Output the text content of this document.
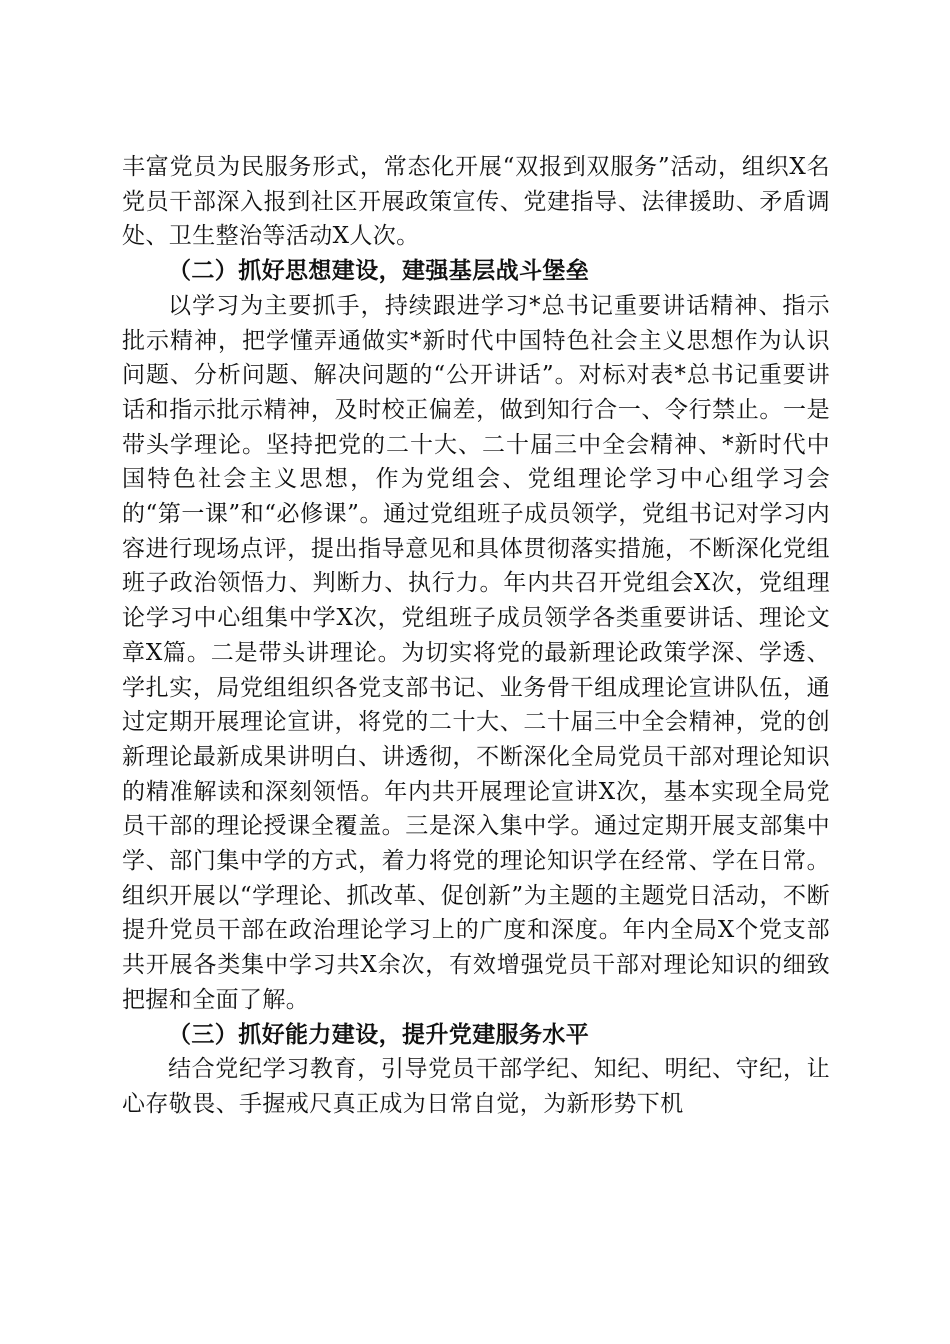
丰富党员为民服务形式，常态化开展“双报到双服务”活动，组织X名党员干部深入报到社区开展政策宣传、党建指导、法律援助、矛盾调处、卫生整治等活动X人次。

（二）抓好思想建设，建强基层战斗堡垒

以学习为主要抓手，持续跟进学习*总书记重要讲话精神、指示批示精神，把学懂弄通做实*新时代中国特色社会主义思想作为认识问题、分析问题、解决问题的“公开讲话”。对标对表*总书记重要讲话和指示批示精神，及时校正偏差，做到知行合一、令行禁止。一是带头学理论。坚持把党的二十大、二十届三中全会精神、*新时代中国特色社会主义思想，作为党组会、党组理论学习中心组学习会的“第一课”和“必修课”。通过党组班子成员领学，党组书记对学习内容进行现场点评，提出指导意见和具体贯彻落实措施，不断深化党组班子政治领悟力、判断力、执行力。年内共召开党组会X次，党组理论学习中心组集中学X次，党组班子成员领学各类重要讲话、理论文章X篇。二是带头讲理论。为切实将党的最新理论政策学深、学透、学扎实，局党组组织各党支部书记、业务骨干组成理论宣讲队伍，通过定期开展理论宣讲，将党的二十大、二十届三中全会精神，党的创新理论最新成果讲明白、讲透彻，不断深化全局党员干部对理论知识的精准解读和深刻领悟。年内共开展理论宣讲X次，基本实现全局党员干部的理论授课全覆盖。三是深入集中学。通过定期开展支部集中学、部门集中学的方式，着力将党的理论知识学在经常、学在日常。组织开展以“学理论、抓改革、促创新”为主题的主题党日活动，不断提升党员干部在政治理论学习上的广度和深度。年内全局X个党支部共开展各类集中学习共X余次，有效增强党员干部对理论知识的细致把握和全面了解。

（三）抓好能力建设，提升党建服务水平

结合党纪学习教育，引导党员干部学纪、知纪、明纪、守纪，让心存敬畏、手握戒尺真正成为日常自觉，为新形势下机
